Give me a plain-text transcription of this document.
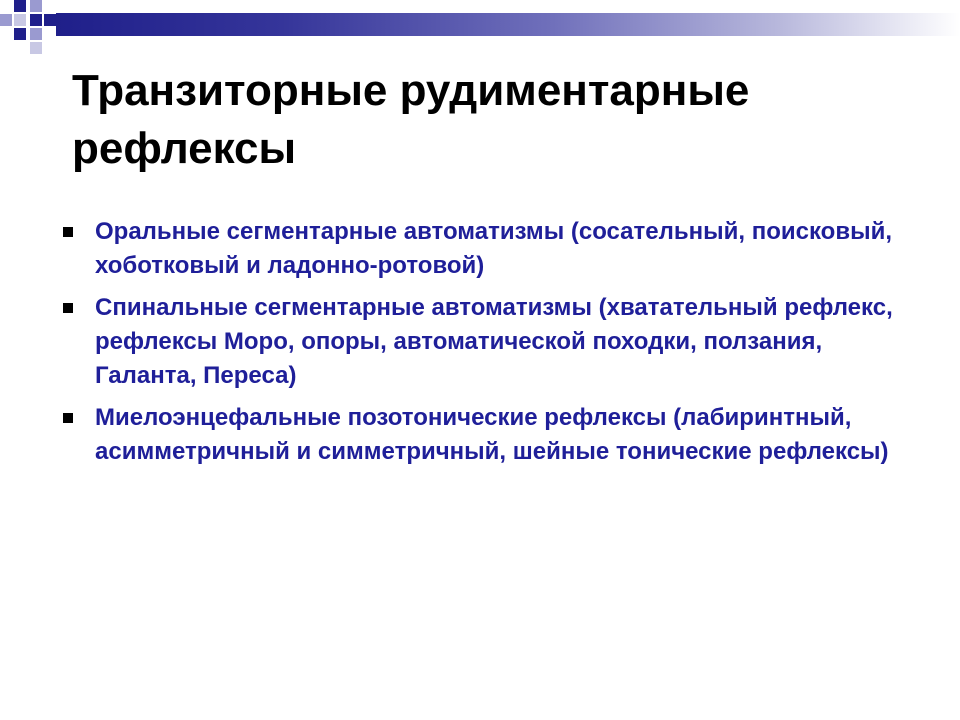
Транзиторные рудиментарные рефлексы
Оральные сегментарные автоматизмы (сосательный, поисковый, хоботковый и ладонно-ротовой)
Спинальные сегментарные автоматизмы (хватательный рефлекс, рефлексы Моро, опоры, автоматической походки, ползания, Галанта, Переса)
Миелоэнцефальные позотонические рефлексы (лабиринтный, асимметричный и симметричный, шейные тонические рефлексы)
